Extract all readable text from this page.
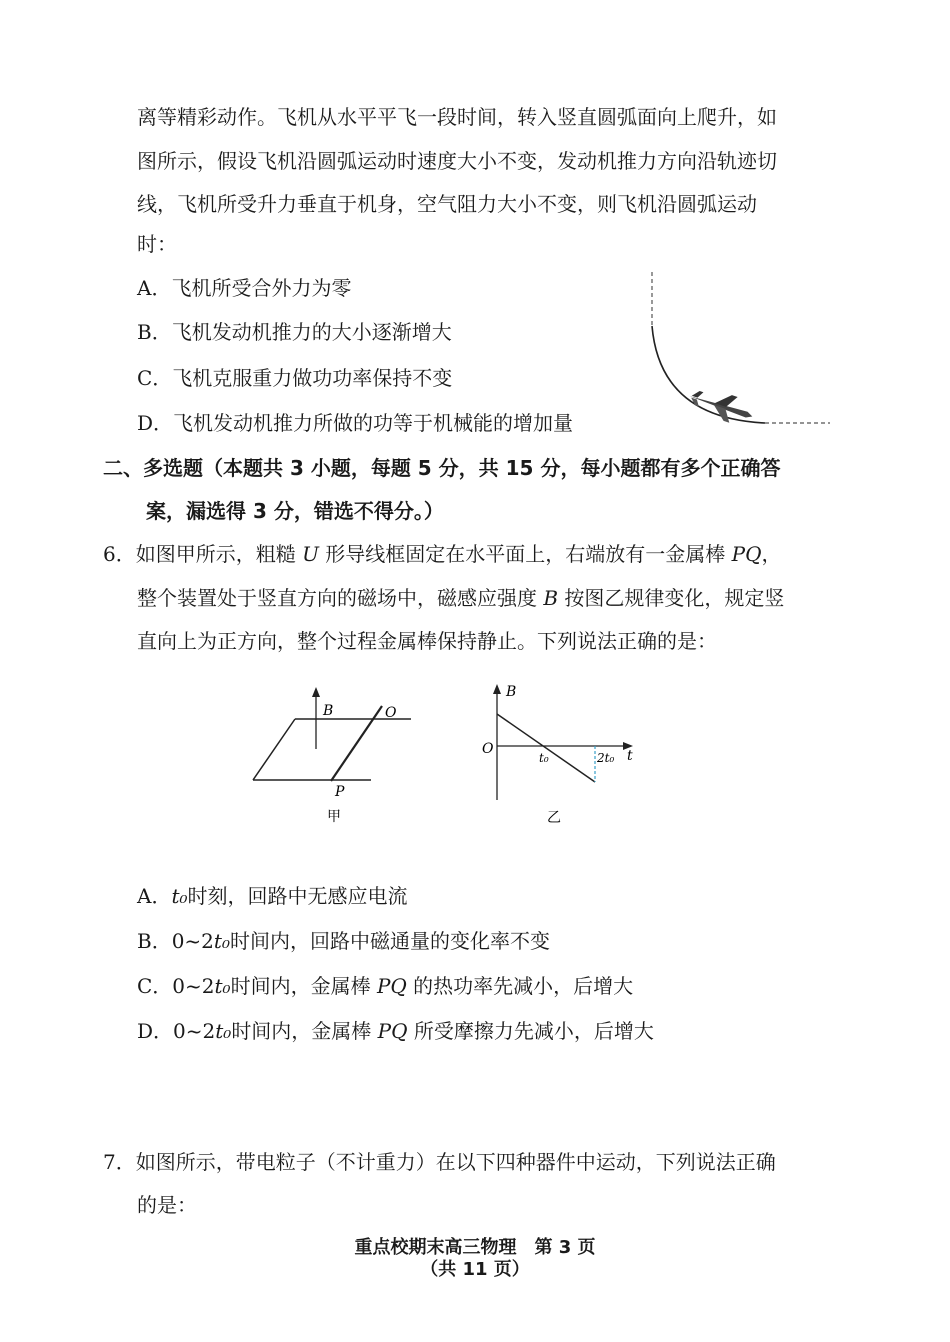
离等精彩动作。飞机从水平平飞一段时间，转入竖直圆弧面向上爬升，如
图所示，假设飞机沿圆弧运动时速度大小不变，发动机推力方向沿轨迹切
线，飞机所受升力垂直于机身，空气阻力大小不变，则飞机沿圆弧运动
时：
A．飞机所受合外力为零
B．飞机发动机推力的大小逐渐增大
C．飞机克服重力做功功率保持不变
D．飞机发动机推力所做的功等于机械能的增加量
二、多选题（本题共 3 小题，每题 5 分，共 15 分，每小题都有多个正确答
案，漏选得 3 分，错选不得分。）
6．如图甲所示，粗糙 U 形导线框固定在水平面上，右端放有一金属棒 PQ，
整个装置处于竖直方向的磁场中，磁感应强度 B 按图乙规律变化，规定竖
直向上为正方向，整个过程金属棒保持静止。下列说法正确的是：
B	O
P
甲
B
O	t
t₀	2t₀
乙
A．t₀时刻，回路中无感应电流
B．0~2t₀时间内，回路中磁通量的变化率不变
C．0~2t₀时间内，金属棒 PQ 的热功率先减小，后增大
D．0~2t₀时间内，金属棒 PQ 所受摩擦力先减小，后增大
7．如图所示，带电粒子（不计重力）在以下四种器件中运动，下列说法正确
的是：
重点校期末高三物理　第 3 页
（共 11 页）
